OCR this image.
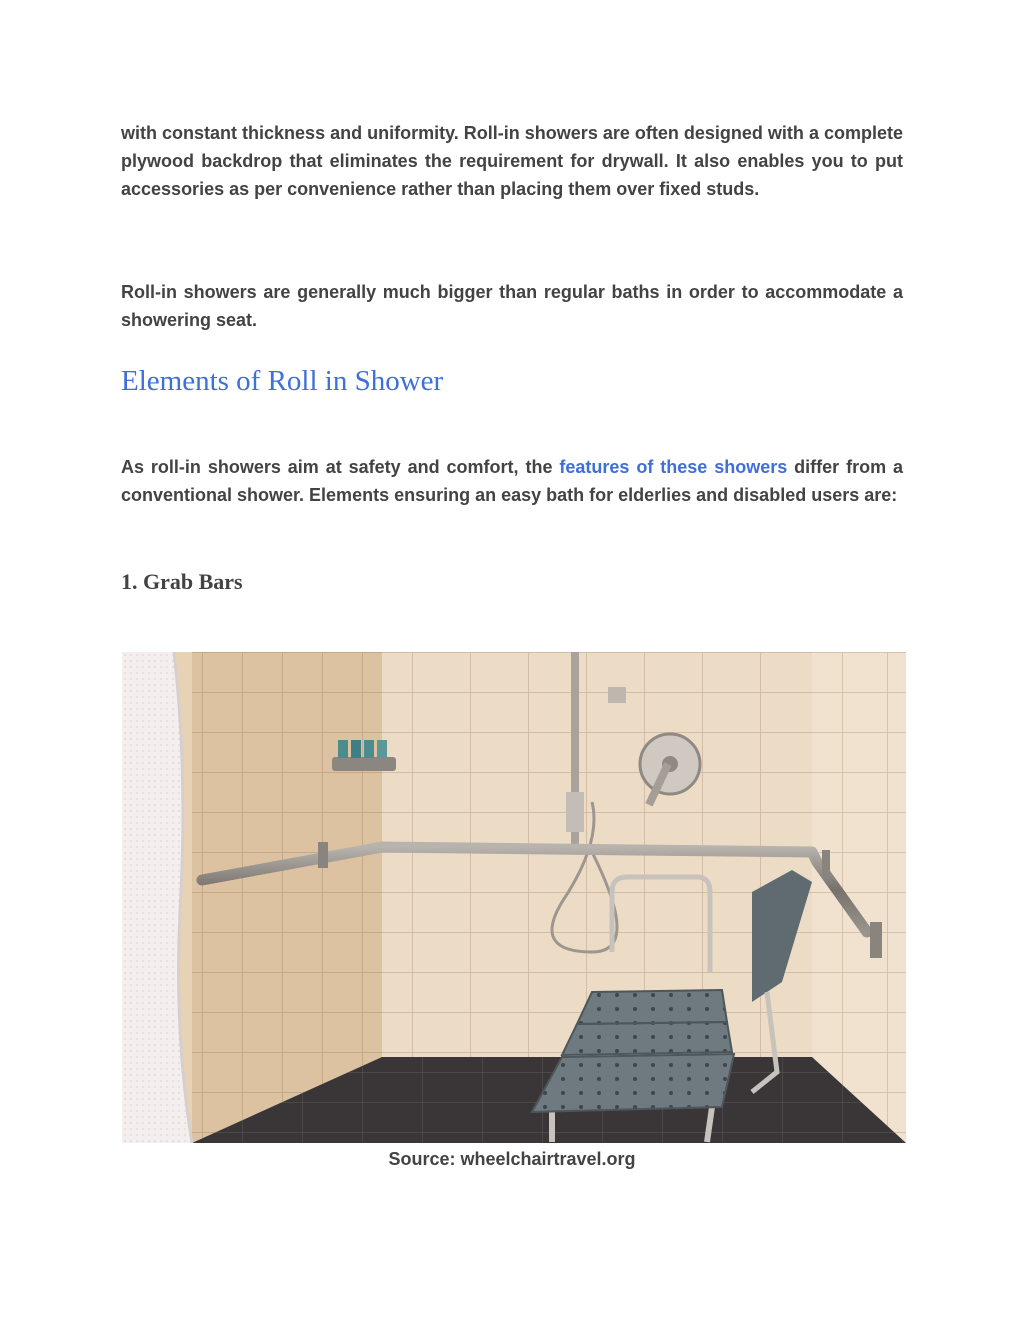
with constant thickness and uniformity. Roll-in showers are often designed with a complete plywood backdrop that eliminates the requirement for drywall. It also enables you to put accessories as per convenience rather than placing them over fixed studs.

Roll-in showers are generally much bigger than regular baths in order to accommodate a showering seat.

Elements of Roll in Shower

As roll-in showers aim at safety and comfort, the features of these showers differ from a conventional shower. Elements ensuring an easy bath for elderlies and disabled users are:

1. Grab Bars

Source: wheelchairtravel.org
